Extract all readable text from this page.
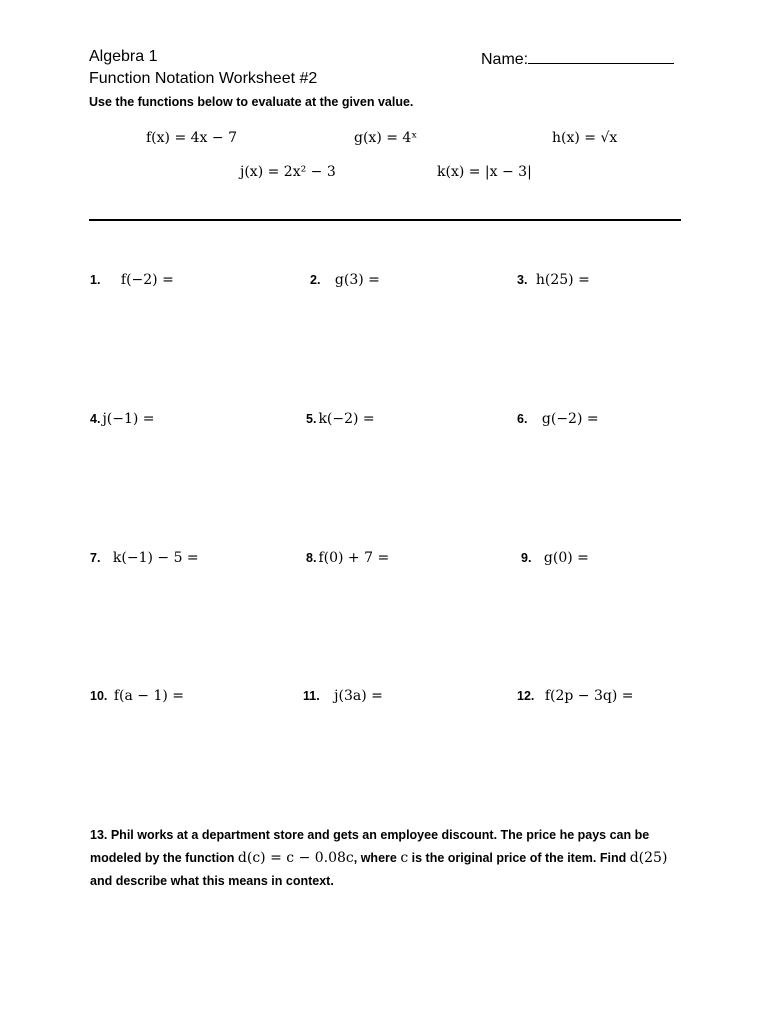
Algebra 1
Function Notation Worksheet #2
Name:
Use the functions below to evaluate at the given value.
f(x) = 4x − 7	g(x) = 4ˣ	h(x) = √x
j(x) = 2x² − 3	k(x) = |x − 3|
1. f(−2) =	2. g(3) =	3. h(25) =
4. j(−1) =	5. k(−2) =	6. g(−2) =
7. k(−1) − 5 =	8. f(0) + 7 =	9. g(0) =
10. f(a − 1) =	11. j(3a) =	12. f(2p − 3q) =
13. Phil works at a department store and gets an employee discount. The price he pays can be modeled by the function d(c) = c − 0.08c, where c is the original price of the item. Find d(25) and describe what this means in context.
